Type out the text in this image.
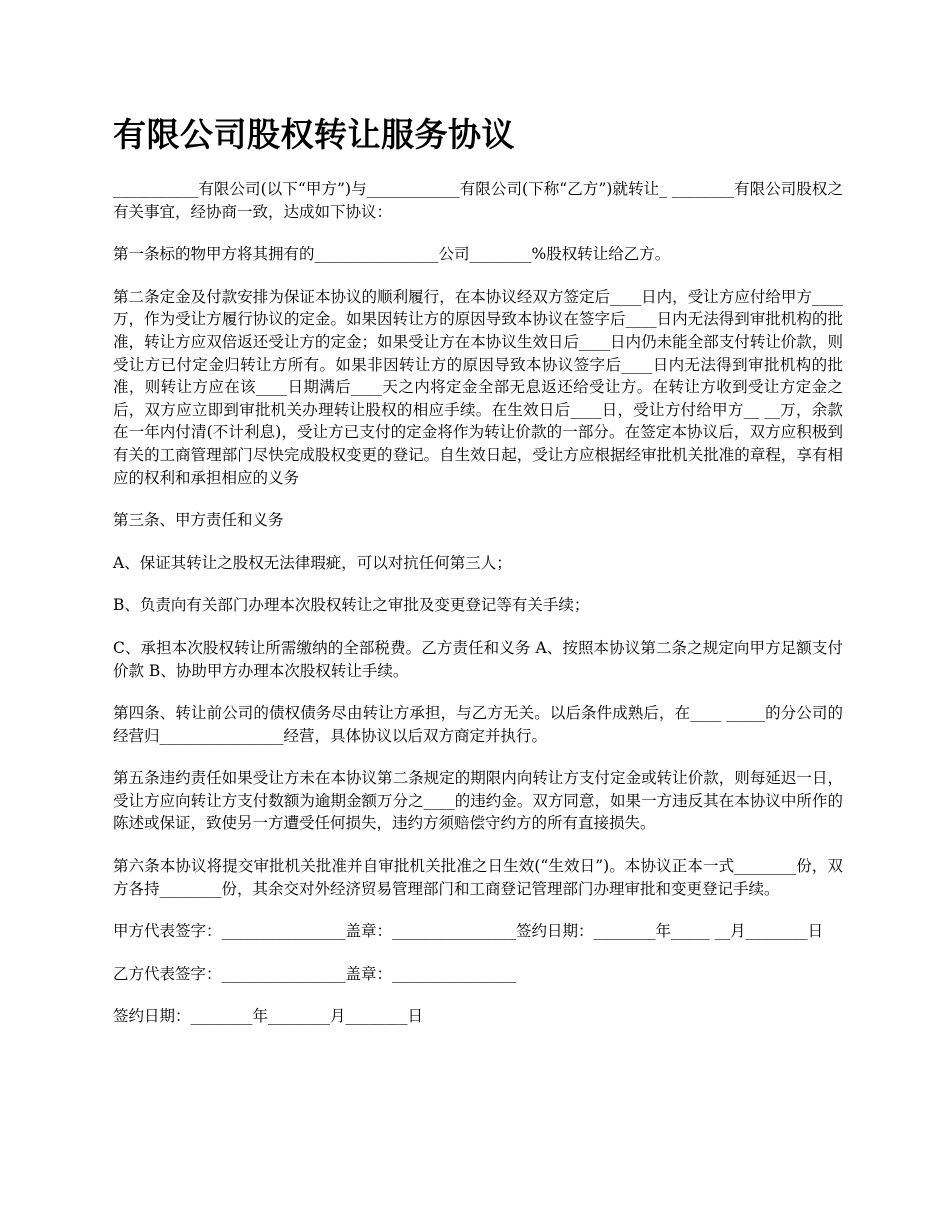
有限公司股权转让服务协议

___________有限公司(以下“甲方”)与____________有限公司(下称“乙方”)就转让_ ________有限公司股权之有关事宜，经协商一致，达成如下协议：

第一条标的物甲方将其拥有的________________公司________%股权转让给乙方。

第二条定金及付款安排为保证本协议的顺利履行，在本协议经双方签定后____日内，受让方应付给甲方____万，作为受让方履行协议的定金。如果因转让方的原因导致本协议在签字后____日内无法得到审批机构的批准，转让方应双倍返还受让方的定金；如果受让方在本协议生效日后____日内仍未能全部支付转让价款，则受让方已付定金归转让方所有。如果非因转让方的原因导致本协议签字后____日内无法得到审批机构的批准，则转让方应在该____日期满后____天之内将定金全部无息返还给受让方。在转让方收到受让方定金之后，双方应立即到审批机关办理转让股权的相应手续。在生效日后____日，受让方付给甲方__ __万，余款在一年内付清(不计利息)，受让方已支付的定金将作为转让价款的一部分。在签定本协议后，双方应积极到有关的工商管理部门尽快完成股权变更的登记。自生效日起，受让方应根据经审批机关批准的章程，享有相应的权利和承担相应的义务

第三条、甲方责任和义务

A、保证其转让之股权无法律瑕疵，可以对抗任何第三人；

B、负责向有关部门办理本次股权转让之审批及变更登记等有关手续；

C、承担本次股权转让所需缴纳的全部税费。乙方责任和义务 A、按照本协议第二条之规定向甲方足额支付价款 B、协助甲方办理本次股权转让手续。

第四条、转让前公司的债权债务尽由转让方承担，与乙方无关。以后条件成熟后，在____ _____的分公司的经营归________________经营，具体协议以后双方商定并执行。

第五条违约责任如果受让方未在本协议第二条规定的期限内向转让方支付定金或转让价款，则每延迟一日，受让方应向转让方支付数额为逾期金额万分之____的违约金。双方同意，如果一方违反其在本协议中所作的陈述或保证，致使另一方遭受任何损失，违约方须赔偿守约方的所有直接损失。

第六条本协议将提交审批机关批准并自审批机关批准之日生效(“生效日”)。本协议正本一式________份，双方各持________份，其余交对外经济贸易管理部门和工商登记管理部门办理审批和变更登记手续。

甲方代表签字：________________盖章：________________签约日期：________年_____ __月________日

乙方代表签字：________________盖章：________________

签约日期：________年________月________日
